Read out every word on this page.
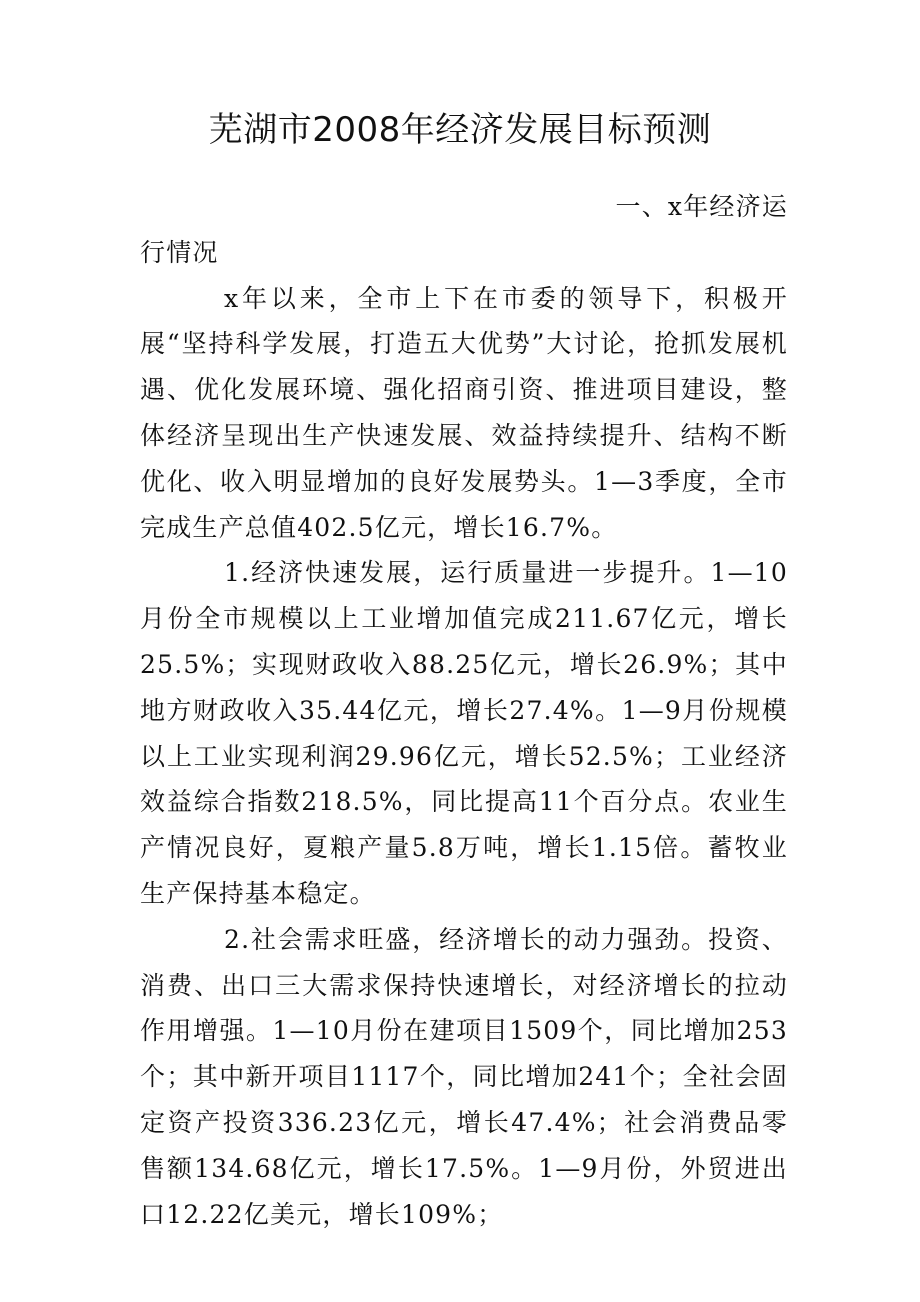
芜湖市2008年经济发展目标预测

一、x年经济运

行情况

x年以来，全市上下在市委的领导下，积极开展“坚持科学发展，打造五大优势”大讨论，抢抓发展机遇、优化发展环境、强化招商引资、推进项目建设，整体经济呈现出生产快速发展、效益持续提升、结构不断优化、收入明显增加的良好发展势头。1—3季度，全市完成生产总值402.5亿元，增长16.7%。

1.经济快速发展，运行质量进一步提升。1—10月份全市规模以上工业增加值完成211.67亿元，增长25.5%；实现财政收入88.25亿元，增长26.9%；其中地方财政收入35.44亿元，增长27.4%。1—9月份规模以上工业实现利润29.96亿元，增长52.5%；工业经济效益综合指数218.5%，同比提高11个百分点。农业生产情况良好，夏粮产量5.8万吨，增长1.15倍。蓄牧业生产保持基本稳定。

2.社会需求旺盛，经济增长的动力强劲。投资、消费、出口三大需求保持快速增长，对经济增长的拉动作用增强。1—10月份在建项目1509个，同比增加253个；其中新开项目1117个，同比增加241个；全社会固定资产投资336.23亿元，增长47.4%；社会消费品零售额134.68亿元，增长17.5%。1—9月份，外贸进出口12.22亿美元，增长109%；
